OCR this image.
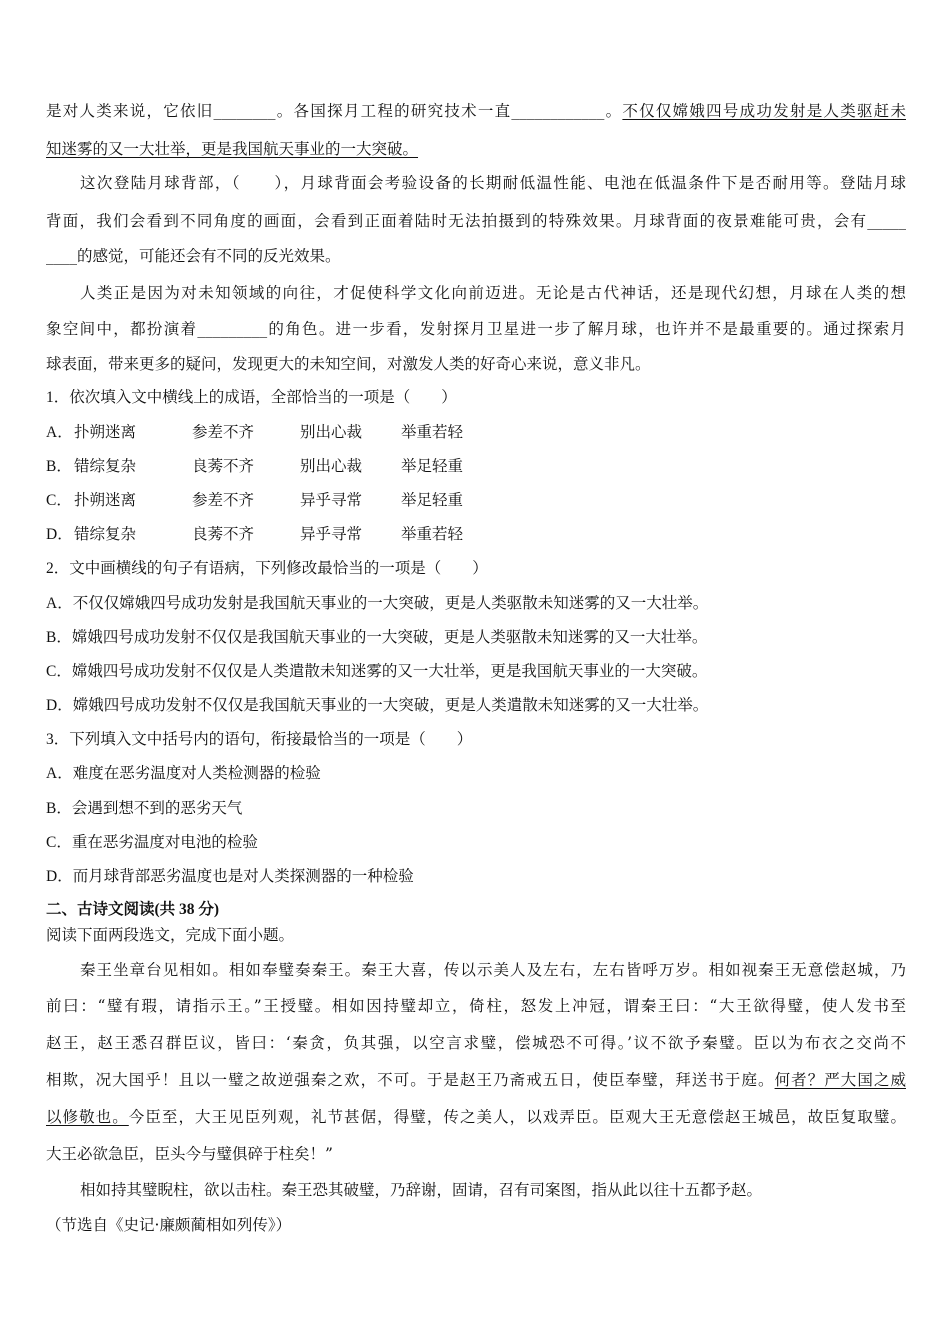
是对人类来说，它依旧________。各国探月工程的研究技术一直____________。不仅仅嫦娥四号成功发射是人类驱赶未
知迷雾的又一大壮举，更是我国航天事业的一大突破。
这次登陆月球背部，（　　），月球背面会考验设备的长期耐低温性能、电池在低温条件下是否耐用等。登陆月球
背面，我们会看到不同角度的画面，会看到正面着陆时无法拍摄到的特殊效果。月球背面的夜景难能可贵，会有_____
____的感觉，可能还会有不同的反光效果。
人类正是因为对未知领域的向往，才促使科学文化向前迈进。无论是古代神话，还是现代幻想，月球在人类的想
象空间中，都扮演着_________的角色。进一步看，发射探月卫星进一步了解月球，也许并不是最重要的。通过探索月
球表面，带来更多的疑问，发现更大的未知空间，对激发人类的好奇心来说，意义非凡。
1．依次填入文中横线上的成语，全部恰当的一项是（　　）
A． 扑朔迷离	参差不齐	别出心裁	举重若轻
B． 错综复杂	良莠不齐	别出心裁	举足轻重
C． 扑朔迷离	参差不齐	异乎寻常	举足轻重
D． 错综复杂	良莠不齐	异乎寻常	举重若轻
2．文中画横线的句子有语病，下列修改最恰当的一项是（　　）
A．不仅仅嫦娥四号成功发射是我国航天事业的一大突破，更是人类驱散未知迷雾的又一大壮举。
B．嫦娥四号成功发射不仅仅是我国航天事业的一大突破，更是人类驱散未知迷雾的又一大壮举。
C．嫦娥四号成功发射不仅仅是人类遣散未知迷雾的又一大壮举，更是我国航天事业的一大突破。
D．嫦娥四号成功发射不仅仅是我国航天事业的一大突破，更是人类遣散未知迷雾的又一大壮举。
3．下列填入文中括号内的语句，衔接最恰当的一项是（　　）
A．难度在恶劣温度对人类检测器的检验
B．会遇到想不到的恶劣天气
C．重在恶劣温度对电池的检验
D．而月球背部恶劣温度也是对人类探测器的一种检验
二、古诗文阅读(共 38 分)
阅读下面两段选文，完成下面小题。
秦王坐章台见相如。相如奉璧奏秦王。秦王大喜，传以示美人及左右，左右皆呼万岁。相如视秦王无意偿赵城，乃
前曰：“璧有瑕，请指示王。”王授璧。相如因持璧却立，倚柱，怒发上冲冠，谓秦王曰：“大王欲得璧，使人发书至
赵王，赵王悉召群臣议，皆曰：‘秦贪，负其强，以空言求璧，偿城恐不可得。’议不欲予秦璧。臣以为布衣之交尚不
相欺，况大国乎！且以一璧之故逆强秦之欢，不可。于是赵王乃斋戒五日，使臣奉璧，拜送书于庭。何者？严大国之威
以修敬也。今臣至，大王见臣列观，礼节甚倨，得璧，传之美人，以戏弄臣。臣观大王无意偿赵王城邑，故臣复取璧。
大王必欲急臣，臣头今与璧俱碎于柱矣！”
相如持其璧睨柱，欲以击柱。秦王恐其破璧，乃辞谢，固请，召有司案图，指从此以往十五都予赵。
（节选自《史记·廉颇蔺相如列传》）
